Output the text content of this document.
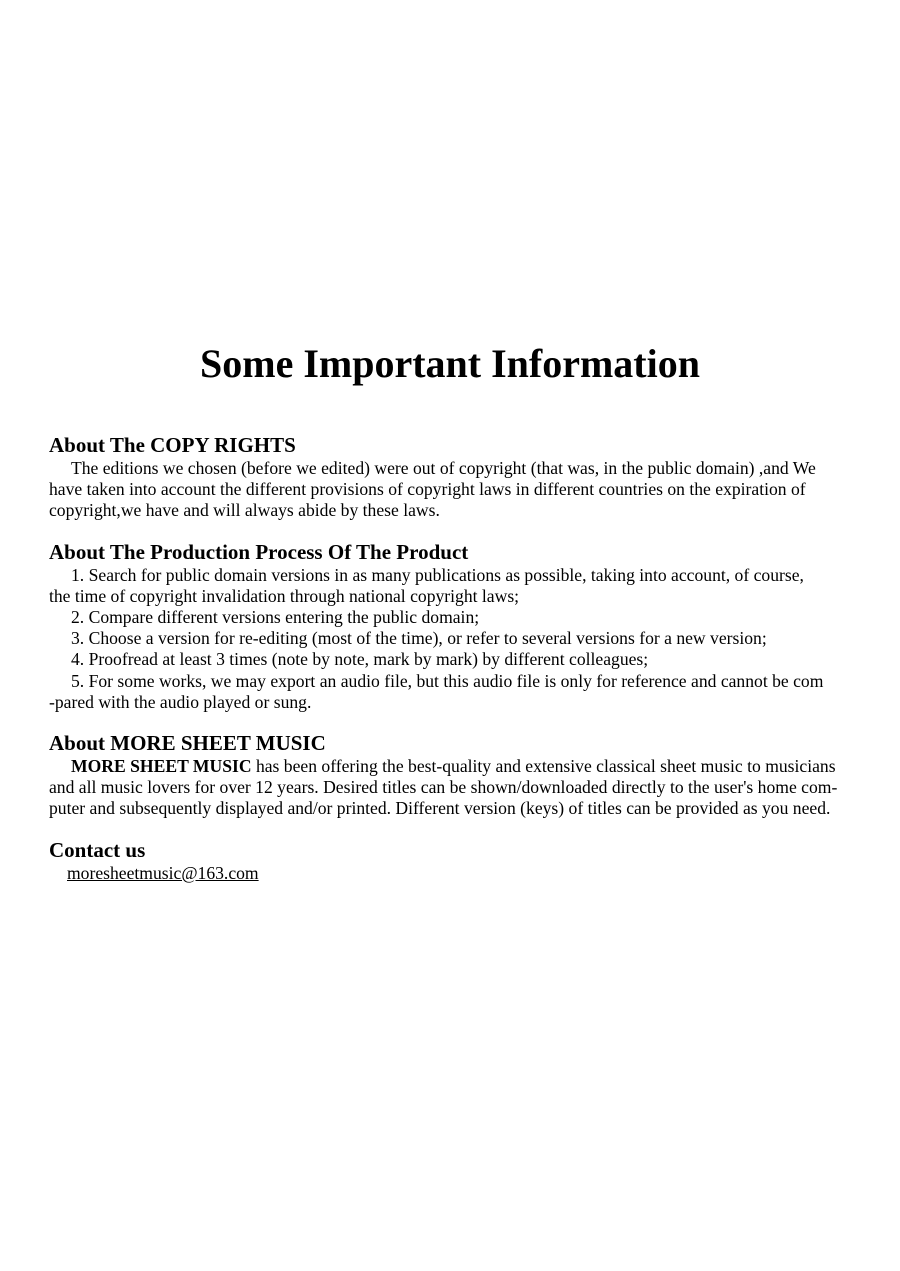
Some Important Information
About The COPY RIGHTS
The editions we chosen (before we edited) were out of copyright (that was, in the public domain) ,and We
have taken into account the different provisions of copyright laws in different countries on the expiration of
copyright,we have and will always abide by these laws.
About The Production Process Of The Product
1. Search for public domain versions in as many publications as possible, taking into account, of course,
the time of copyright invalidation through national copyright laws;
2. Compare different versions entering the public domain;
3. Choose a version for re-editing (most of the time), or refer to several versions for a new version;
4. Proofread at least 3 times (note by note, mark by mark) by different colleagues;
5. For some works, we may export an audio file, but this audio file is only for reference and cannot be com
-pared with the audio played or sung.
About MORE SHEET MUSIC
MORE SHEET MUSIC has been offering the best-quality and extensive classical sheet music to musicians
and all music lovers for over 12 years. Desired titles can be shown/downloaded directly to the user's home com-
puter and subsequently displayed and/or printed. Different version (keys) of titles can be provided as you need.
Contact us
moresheetmusic@163.com
